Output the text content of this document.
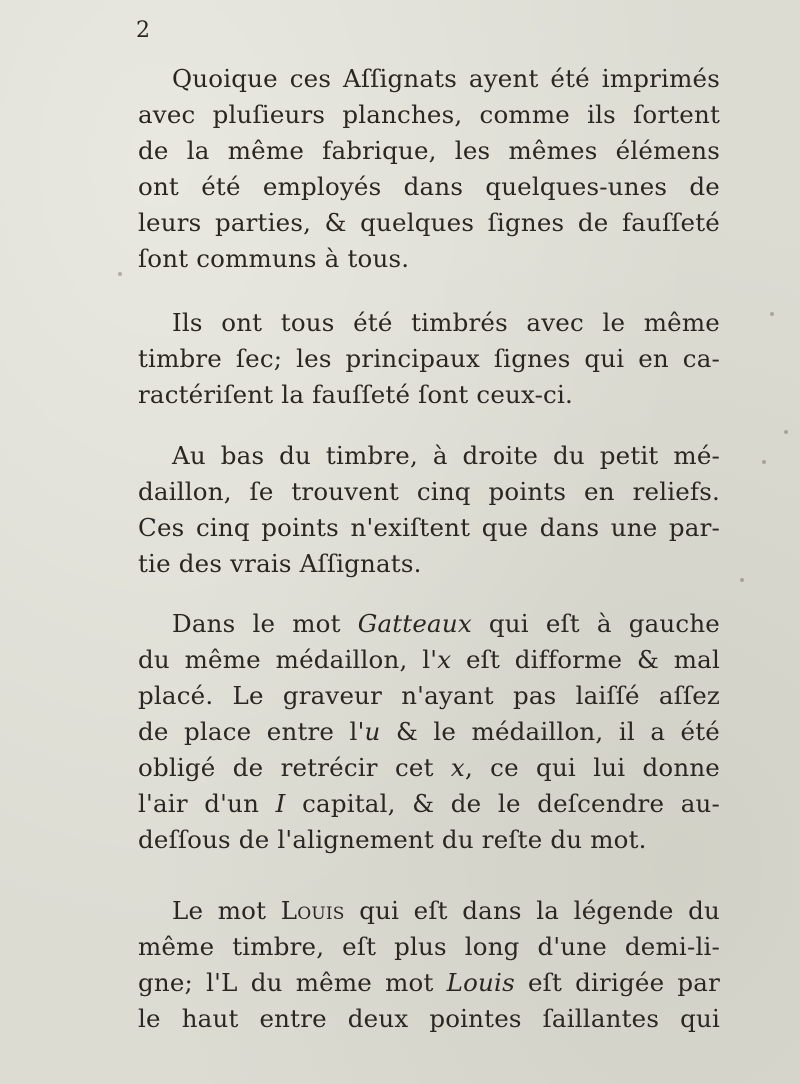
2
Quoique ces Aſſignats ayent été imprimés
avec pluſieurs planches, comme ils ſortent
de la même fabrique, les mêmes élémens
ont été employés dans quelques-unes de
leurs parties, & quelques ſignes de fauſſeté
ſont communs à tous.
Ils ont tous été timbrés avec le même
timbre ſec; les principaux ſignes qui en ca-
ractériſent la fauſſeté ſont ceux-ci.
Au bas du timbre, à droite du petit mé-
daillon, ſe trouvent cinq points en reliefs.
Ces cinq points n'exiſtent que dans une par-
tie des vrais Aſſignats.
Dans le mot Gatteaux qui eſt à gauche
du même médaillon, l'x eſt difforme & mal
placé. Le graveur n'ayant pas laiſſé aſſez
de place entre l'u & le médaillon, il a été
obligé de retrécir cet x, ce qui lui donne
l'air d'un I capital, & de le deſcendre au-
deſſous de l'alignement du reſte du mot.
Le mot Louis qui eſt dans la légende du
même timbre, eſt plus long d'une demi-li-
gne; l'L du même mot Louis eſt dirigée par
le haut entre deux pointes ſaillantes qui
